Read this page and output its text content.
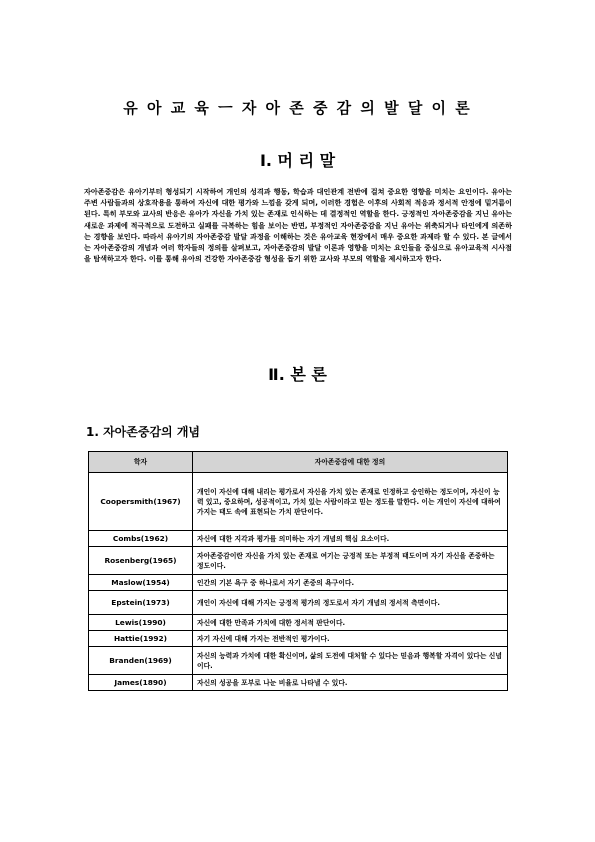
유 아 교 육 ㅡ 자 아 존 중 감 의 발 달 이 론
Ⅰ. 머 리 말
자아존중감은 유아기부터 형성되기 시작하여 개인의 성격과 행동, 학습과 대인관계 전반에 걸쳐 중요한 영향을 미치는 요인이다. 유아는 주변 사람들과의 상호작용을 통하여 자신에 대한 평가와 느낌을 갖게 되며, 이러한 경험은 이후의 사회적 적응과 정서적 안정에 밑거름이 된다. 특히 부모와 교사의 반응은 유아가 자신을 가치 있는 존재로 인식하는 데 결정적인 역할을 한다. 긍정적인 자아존중감을 지닌 유아는 새로운 과제에 적극적으로 도전하고 실패를 극복하는 힘을 보이는 반면, 부정적인 자아존중감을 지닌 유아는 위축되거나 타인에게 의존하는 경향을 보인다. 따라서 유아기의 자아존중감 발달 과정을 이해하는 것은 유아교육 현장에서 매우 중요한 과제라 할 수 있다. 본 글에서는 자아존중감의 개념과 여러 학자들의 정의를 살펴보고, 자아존중감의 발달 이론과 영향을 미치는 요인들을 중심으로 유아교육적 시사점을 탐색하고자 한다. 이를 통해 유아의 건강한 자아존중감 형성을 돕기 위한 교사와 부모의 역할을 제시하고자 한다.
Ⅱ. 본 론
1. 자아존중감의 개념
학자	자아존중감에 대한 정의
Coopersmith(1967)	개인이 자신에 대해 내리는 평가로서 자신을 가치 있는 존재로 인정하고 승인하는 정도이며, 자신이 능력 있고, 중요하며, 성공적이고, 가치 있는 사람이라고 믿는 정도를 말한다. 이는 개인이 자신에 대하여 가지는 태도 속에 표현되는 가치 판단이다.
Combs(1962)	자신에 대한 지각과 평가를 의미하는 자기 개념의 핵심 요소이다.
Rosenberg(1965)	자아존중감이란 자신을 가치 있는 존재로 여기는 긍정적 또는 부정적 태도이며 자기 자신을 존중하는 정도이다.
Maslow(1954)	인간의 기본 욕구 중 하나로서 자기 존중의 욕구이다.
Epstein(1973)	개인이 자신에 대해 가지는 긍정적 평가의 정도로서 자기 개념의 정서적 측면이다.
Lewis(1990)	자신에 대한 만족과 가치에 대한 정서적 판단이다.
Hattie(1992)	자기 자신에 대해 가지는 전반적인 평가이다.
Branden(1969)	자신의 능력과 가치에 대한 확신이며, 삶의 도전에 대처할 수 있다는 믿음과 행복할 자격이 있다는 신념이다.
James(1890)	자신의 성공을 포부로 나눈 비율로 나타낼 수 있다.
